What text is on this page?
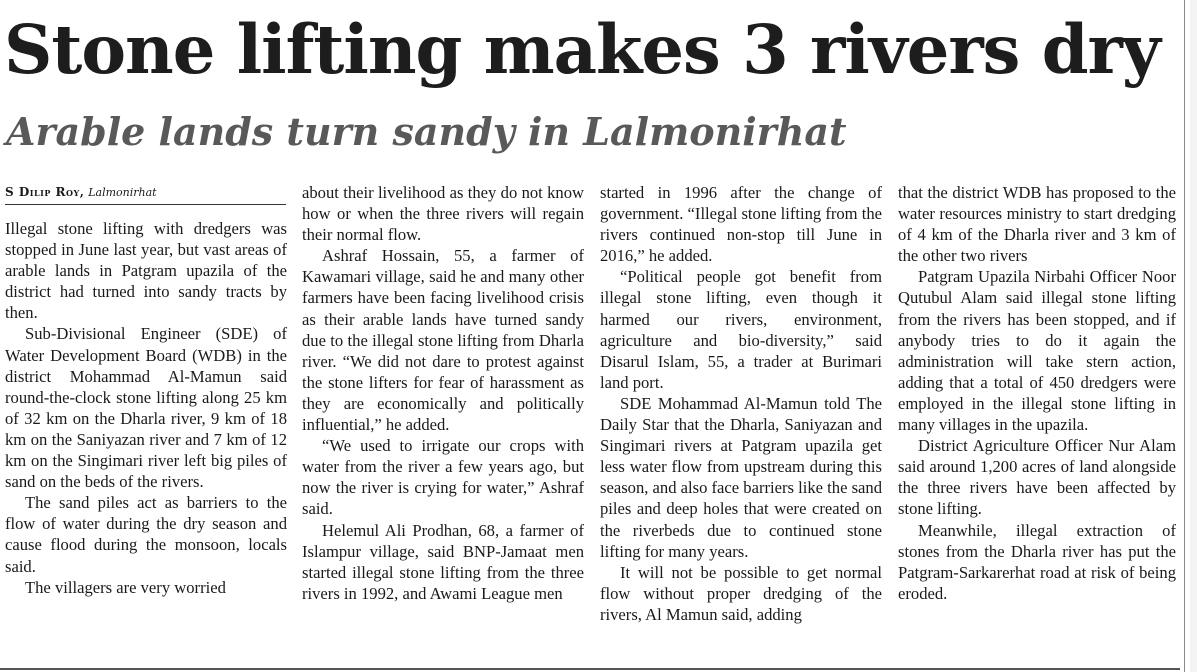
Stone lifting makes 3 rivers dry
Arable lands turn sandy in Lalmonirhat
S Dilip Roy, Lalmonirhat

Illegal stone lifting with dredgers was stopped in June last year, but vast areas of arable lands in Patgram upazila of the district had turned into sandy tracts by then.

Sub-Divisional Engineer (SDE) of Water Development Board (WDB) in the district Mohammad Al-Mamun said round-the-clock stone lifting along 25 km of 32 km on the Dharla river, 9 km of 18 km on the Saniyazan river and 7 km of 12 km on the Singimari river left big piles of sand on the beds of the rivers.

The sand piles act as barriers to the flow of water during the dry season and cause flood during the monsoon, locals said.

The villagers are very worried

about their livelihood as they do not know how or when the three rivers will regain their normal flow.

Ashraf Hossain, 55, a farmer of Kawamari village, said he and many other farmers have been facing livelihood crisis as their arable lands have turned sandy due to the illegal stone lifting from Dharla river. “We did not dare to protest against the stone lifters for fear of harassment as they are economically and politically influential,” he added.

“We used to irrigate our crops with water from the river a few years ago, but now the river is crying for water,” Ashraf said.

Helemul Ali Prodhan, 68, a farmer of Islampur village, said BNP-Jamaat men started illegal stone lifting from the three rivers in 1992, and Awami League men

started in 1996 after the change of government. “Illegal stone lifting from the rivers continued non-stop till June in 2016,” he added.

“Political people got benefit from illegal stone lifting, even though it harmed our rivers, environment, agriculture and bio-diversity,” said Disarul Islam, 55, a trader at Burimari land port.

SDE Mohammad Al-Mamun told The Daily Star that the Dharla, Saniyazan and Singimari rivers at Patgram upazila get less water flow from upstream during this season, and also face barriers like the sand piles and deep holes that were created on the riverbeds due to continued stone lifting for many years.

It will not be possible to get normal flow without proper dredging of the rivers, Al Mamun said, adding

that the district WDB has proposed to the water resources ministry to start dredging of 4 km of the Dharla river and 3 km of the other two rivers

Patgram Upazila Nirbahi Officer Noor Qutubul Alam said illegal stone lifting from the rivers has been stopped, and if anybody tries to do it again the administration will take stern action, adding that a total of 450 dredgers were employed in the illegal stone lifting in many villages in the upazila.

District Agriculture Officer Nur Alam said around 1,200 acres of land alongside the three rivers have been affected by stone lifting.

Meanwhile, illegal extraction of stones from the Dharla river has put the Patgram-Sarkarerhat road at risk of being eroded.
